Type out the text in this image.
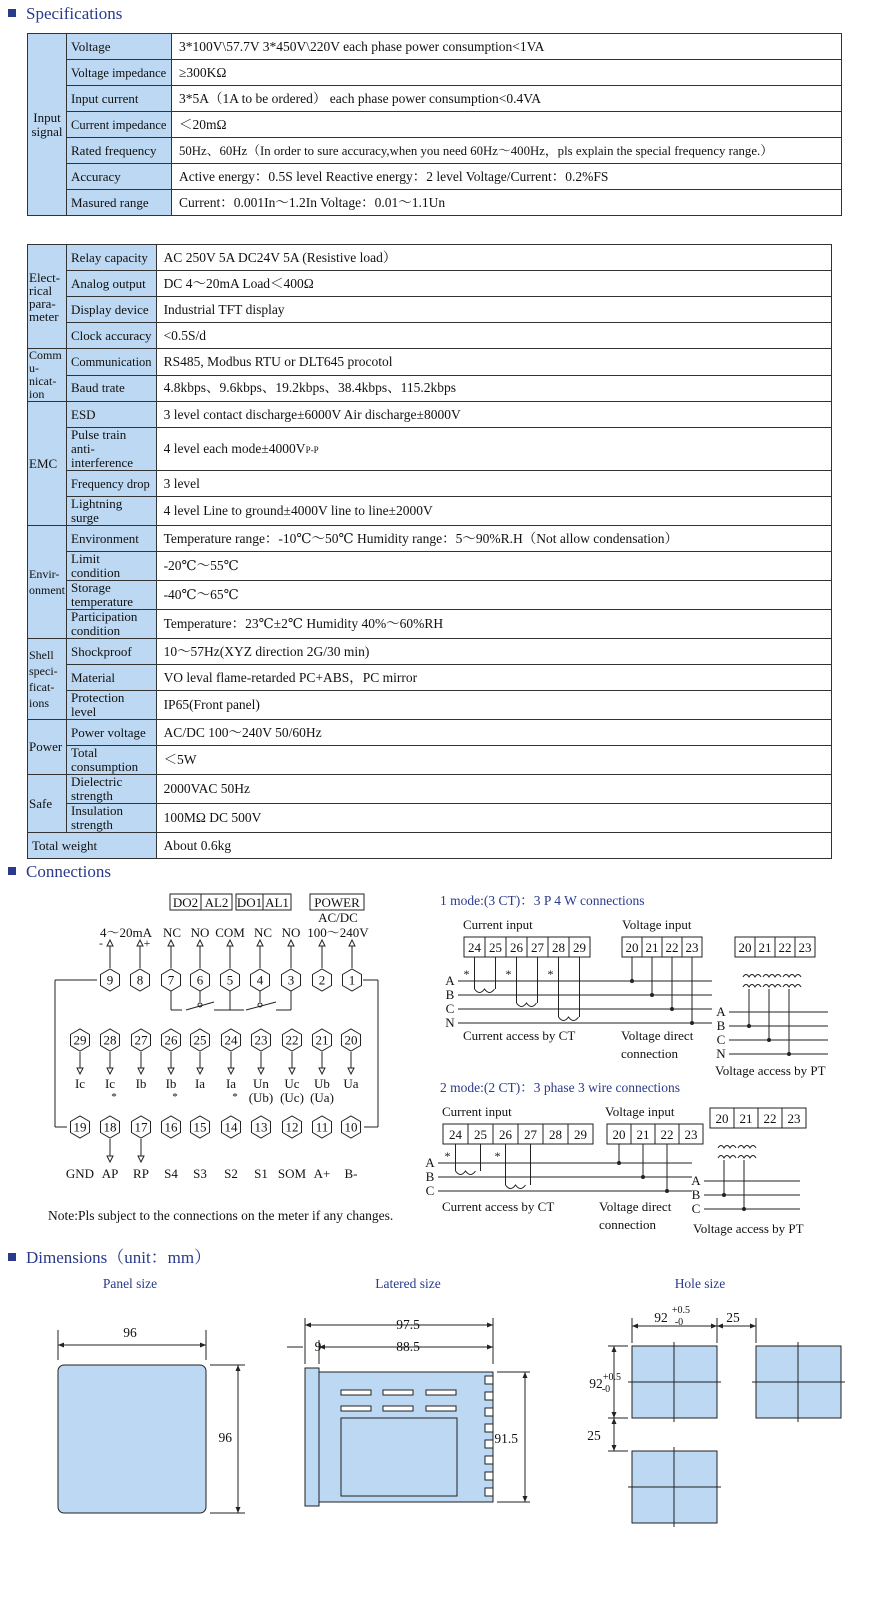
Specifications
Input
signal	Voltage	3*100V\57.7V 3*450V\220V each phase power consumption<1VA
	Voltage impedance	≥300KΩ
	Input current	3*5A（1A to be ordered） each phase power consumption<0.4VA
	Current impedance	＜20mΩ
	Rated frequency	50Hz、60Hz（In order to sure accuracy,when you need 60Hz～400Hz，pls explain the special frequency range.）
	Accuracy	Active energy：0.5S level Reactive energy：2 level Voltage/Current：0.2%FS
	Masured range	Current：0.001In～1.2In Voltage：0.01～1.1Un
Elect-
rical
para-
meter	Relay capacity	AC 250V 5A DC24V 5A (Resistive load）
	Analog output	DC 4～20mA Load＜400Ω
	Display device	Industrial TFT display
	Clock accuracy	<0.5S/d
Comm
u-nicat-
ion	Communication	RS485, Modbus RTU or DLT645 procotol
	Baud trate	4.8kbps、9.6kbps、19.2kbps、38.4kbps、115.2kbps
EMC	ESD	3 level contact discharge±6000V Air discharge±8000V
	Pulse train anti-interference	4 level each mode±4000VP-P
	Frequency drop	3 level
	Lightning surge	4 level Line to ground±4000V line to line±2000V
Envir-
onment	Environment	Temperature range：-10℃～50℃ Humidity range：5～90%R.H（Not allow condensation）
	Limit condition	-20℃～55℃
	Storage temperature	-40℃～65℃
	Participation condition	Temperature：23℃±2℃ Humidity 40%～60%RH
Shell
speci-
ficat-
ions	Shockproof	10～57Hz(XYZ direction 2G/30 min)
	Material	VO leval flame-retarded PC+ABS，PC mirror
	Protection level	IP65(Front panel)
Power	Power voltage	AC/DC 100～240V 50/60Hz
	Total consumption	＜5W
Safe	Dielectric strength	2000VAC 50Hz
	Insulation strength	100MΩ DC 500V
Total weight		About 0.6kg
Connections
DO2 AL2 DO1 AL1 POWER
AC/DC
4～20mA NC NO COM NC NO 100～240V
-	+
9 8 7 6 5 4 3 2 1
29
Ic
28
Ic
27
Ib
26
Ib
25
Ia
24
Ia
23
Un
22
Uc
21
Ub
20
Ua
(Ub) (Uc) (Ua)
*	*	*
19
GND
18
AP
17
RP
16
S4
15
S3
14
S2
13
S1
12
SOM
11
A+
10
B-
1 mode:(3 CT)：3 P 4 W connections
Current input	Voltage input
24 25 26 27 28 29	20 21 22 23
A
B
C
N
*	*	*
Current access by CT	Voltage direct
connection
20 21 22 23
A
B
C
N
Voltage access by PT
2 mode:(2 CT)：3 phase 3 wire connections
Current input	Voltage input
24 25 26 27 28 29 20 21 22 23
A
B
C
*	*
Current access by CT	Voltage direct
connection
20 21 22 23
A
B
C
Voltage access by PT
Panel size	Latered size	Hole size
96
96
97.5
88.5
9
91.5
92 +0.5
-0	25
92 +0.5
-0
25
Note:Pls subject to the connections on the meter if any changes.
Dimensions（unit：mm）
